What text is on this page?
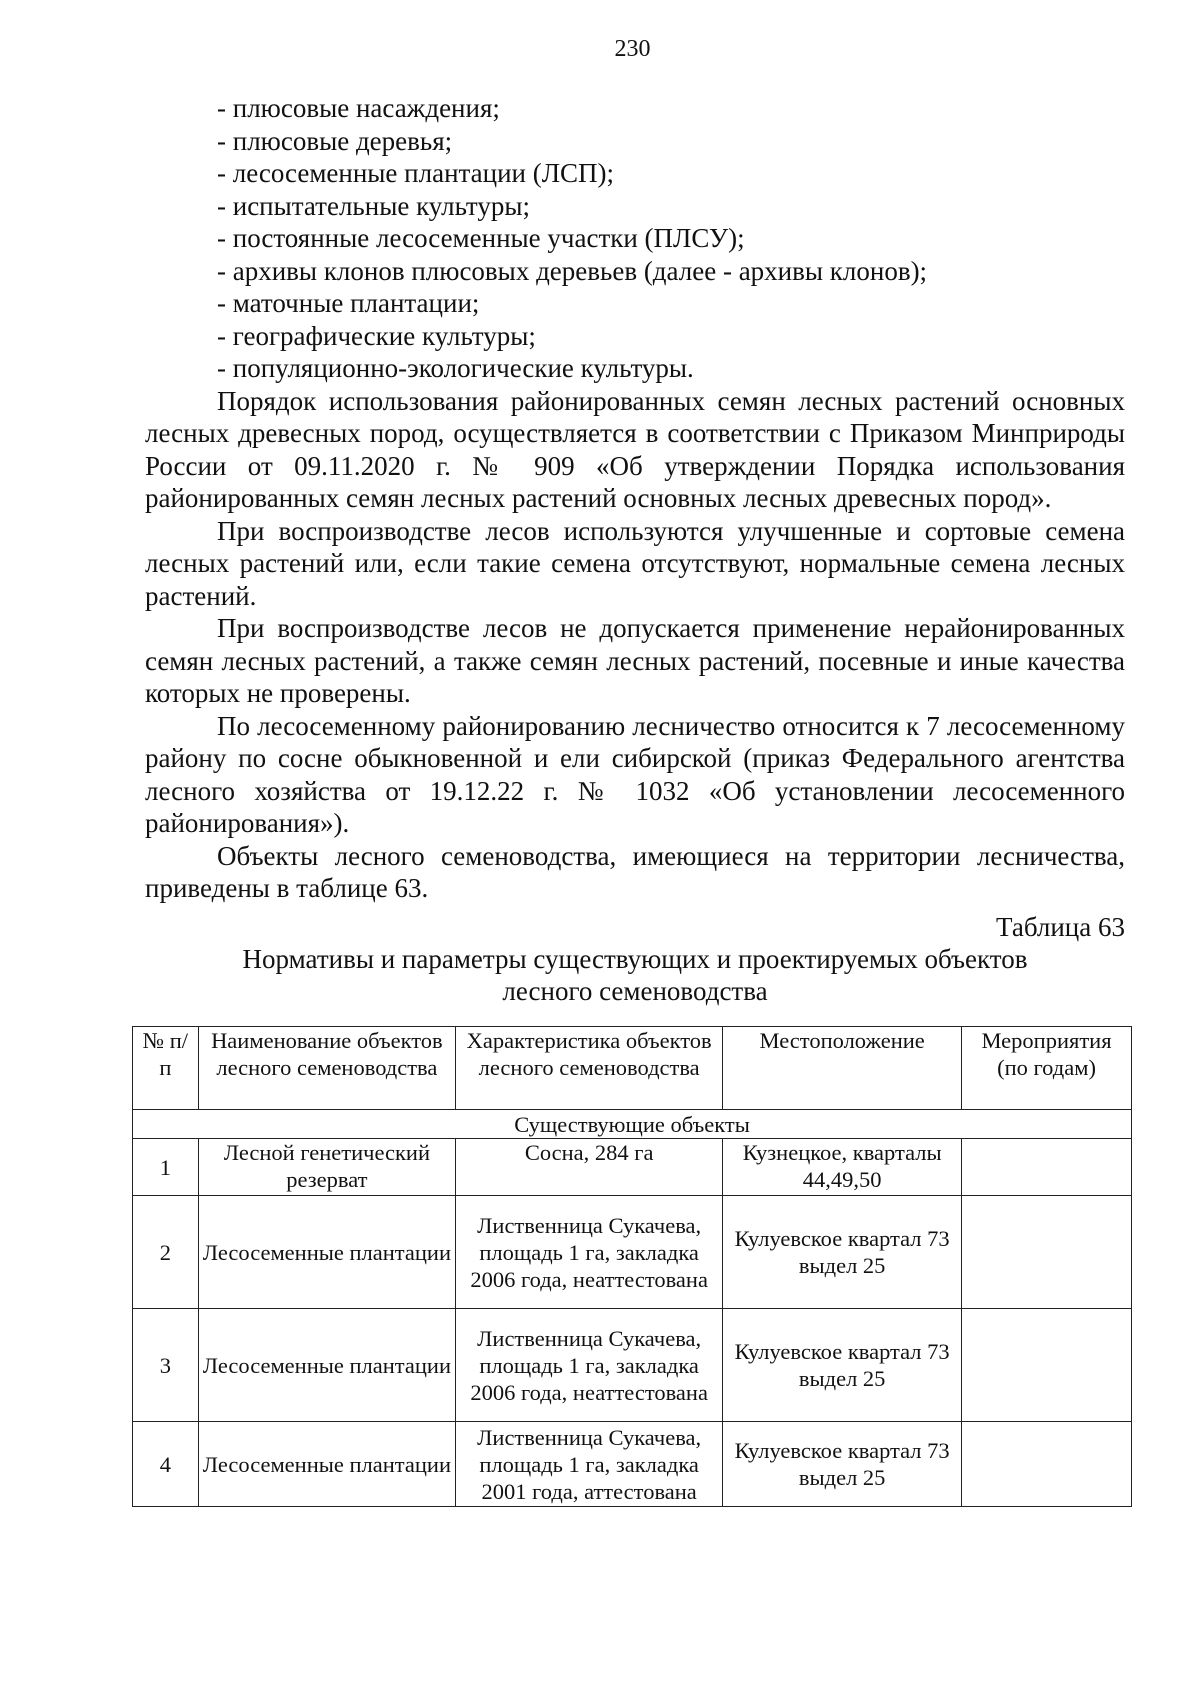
230
- плюсовые насаждения;
- плюсовые деревья;
- лесосеменные плантации (ЛСП);
- испытательные культуры;
- постоянные лесосеменные участки (ПЛСУ);
- архивы клонов плюсовых деревьев (далее - архивы клонов);
- маточные плантации;
- географические культуры;
- популяционно-экологические культуры.

Порядок использования районированных семян лесных растений основных лесных древесных пород, осуществляется в соответствии с Приказом Минприроды России от 09.11.2020 г. № 909 «Об утверждении Порядка использования районированных семян лесных растений основных лесных древесных пород».

При воспроизводстве лесов используются улучшенные и сортовые семена лесных растений или, если такие семена отсутствуют, нормальные семена лесных растений.

При воспроизводстве лесов не допускается применение нерайонированных семян лесных растений, а также семян лесных растений, посевные и иные качества которых не проверены.

По лесосеменному районированию лесничество относится к 7 лесосеменному району по сосне обыкновенной и ели сибирской (приказ Федерального агентства лесного хозяйства от 19.12.22 г. № 1032 «Об установлении лесосеменного районирования»).

Объекты лесного семеноводства, имеющиеся на территории лесничества, приведены в таблице 63.

Таблица 63

Нормативы и параметры существующих и проектируемых объектов
лесного семеноводства

№ п/п	Наименование объектов лесного семеноводства	Характеристика объектов лесного семеноводства	Местоположение	Мероприятия (по годам)
Существующие объекты				
1	Лесной генетический резерват	Сосна, 284 га	Кузнецкое, кварталы 44,49,50	
2	Лесосеменные плантации	Лиственница Сукачева, площадь 1 га, закладка 2006 года, неаттестована	Кулуевское квартал 73 выдел 25	
3	Лесосеменные плантации	Лиственница Сукачева, площадь 1 га, закладка 2006 года, неаттестована	Кулуевское квартал 73 выдел 25	
4	Лесосеменные плантации	Лиственница Сукачева, площадь 1 га, закладка 2001 года, аттестована	Кулуевское квартал 73 выдел 25	
